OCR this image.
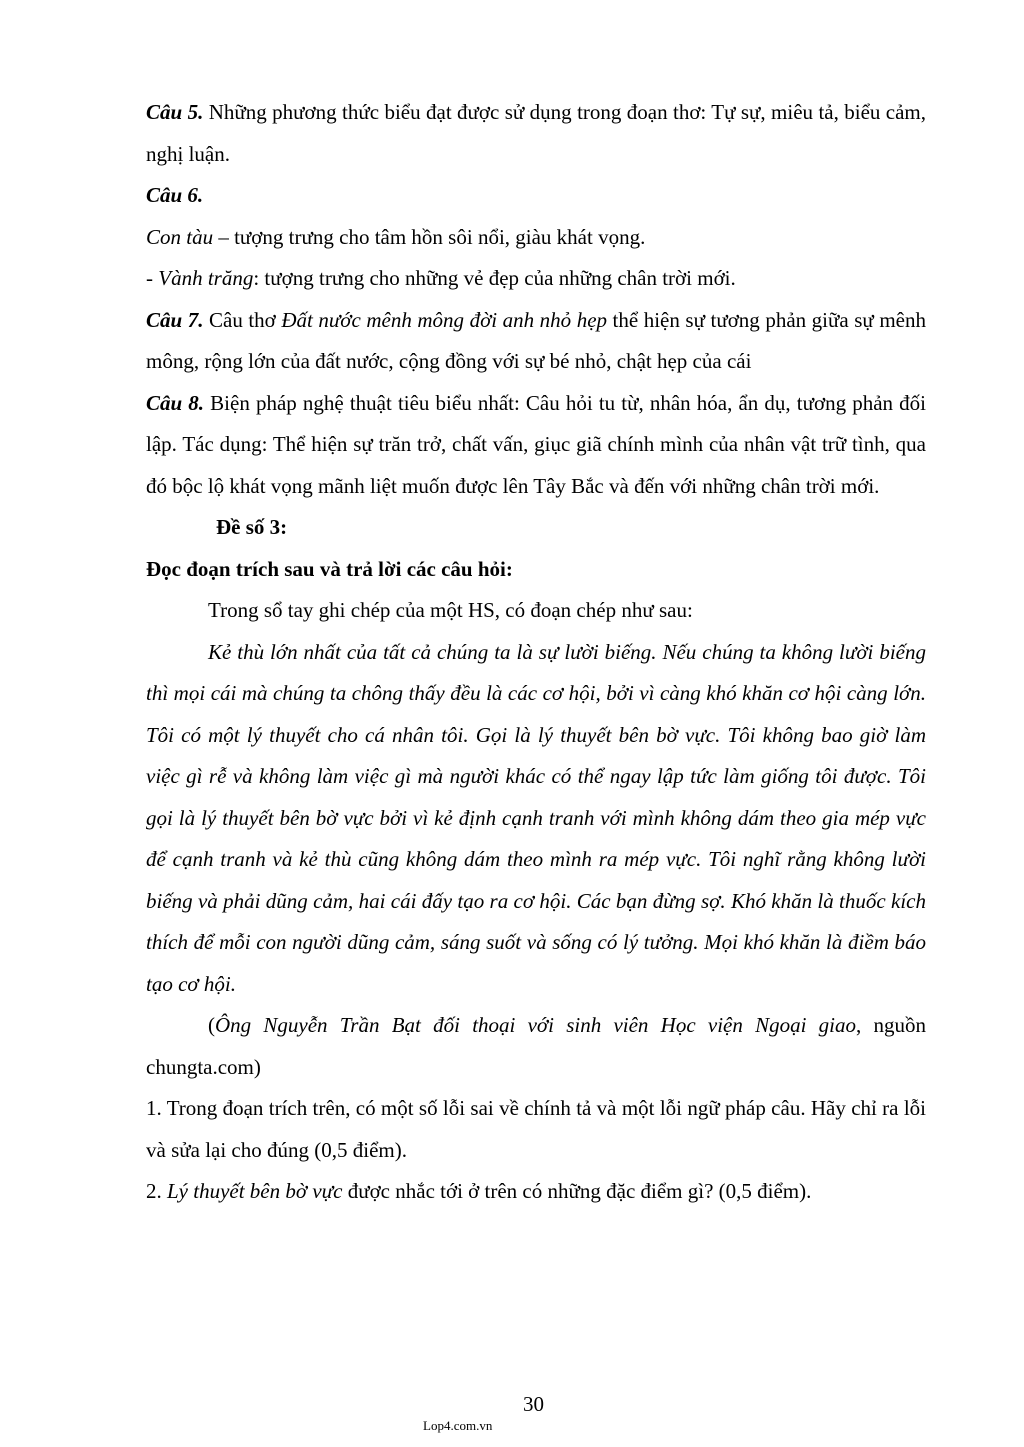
Câu 5. Những phương thức biểu đạt được sử dụng trong đoạn thơ: Tự sự, miêu tả, biểu cảm, nghị luận.

Câu 6.

Con tàu – tượng trưng cho tâm hồn sôi nổi, giàu khát vọng.

- Vành trăng: tượng trưng cho những vẻ đẹp của những chân trời mới.

Câu 7. Câu thơ Đất nước mênh mông đời anh nhỏ hẹp thể hiện sự tương phản giữa sự mênh mông, rộng lớn của đất nước, cộng đồng với sự bé nhỏ, chật hẹp của cái

Câu 8. Biện pháp nghệ thuật tiêu biểu nhất: Câu hỏi tu từ, nhân hóa, ẩn dụ, tương phản đối lập. Tác dụng: Thể hiện sự trăn trở, chất vấn, giục giã chính mình của nhân vật trữ tình, qua đó bộc lộ khát vọng mãnh liệt muốn được lên Tây Bắc và đến với những chân trời mới.

Đề số 3:

Đọc đoạn trích sau và trả lời các câu hỏi:

Trong sổ tay ghi chép của một HS, có đoạn chép như sau:

Kẻ thù lớn nhất của tất cả chúng ta là sự lười biếng. Nếu chúng ta không lười biếng thì mọi cái mà chúng ta chông thấy đều là các cơ hội, bởi vì càng khó khăn cơ hội càng lớn. Tôi có một lý thuyết cho cá nhân tôi. Gọi là lý thuyết bên bờ vực. Tôi không bao giờ làm việc gì rễ và không làm việc gì mà người khác có thể ngay lập tức làm giống tôi được. Tôi gọi là lý thuyết bên bờ vực bởi vì kẻ định cạnh tranh với mình không dám theo gia mép vực để cạnh tranh và kẻ thù cũng không dám theo mình ra mép vực. Tôi nghĩ rằng không lười biếng và phải dũng cảm, hai cái đấy tạo ra cơ hội. Các bạn đừng sợ. Khó khăn là thuốc kích thích để mỗi con người dũng cảm, sáng suốt và sống có lý tưởng. Mọi khó khăn là điềm báo tạo cơ hội.

(Ông Nguyễn Trần Bạt đối thoại với sinh viên Học viện Ngoại giao, nguồn chungta.com)

1. Trong đoạn trích trên, có một số lỗi sai về chính tả và một lỗi ngữ pháp câu. Hãy chỉ ra lỗi và sửa lại cho đúng (0,5 điểm).

2. Lý thuyết bên bờ vực được nhắc tới ở trên có những đặc điểm gì? (0,5 điểm).

30
Lop4.com.vn
